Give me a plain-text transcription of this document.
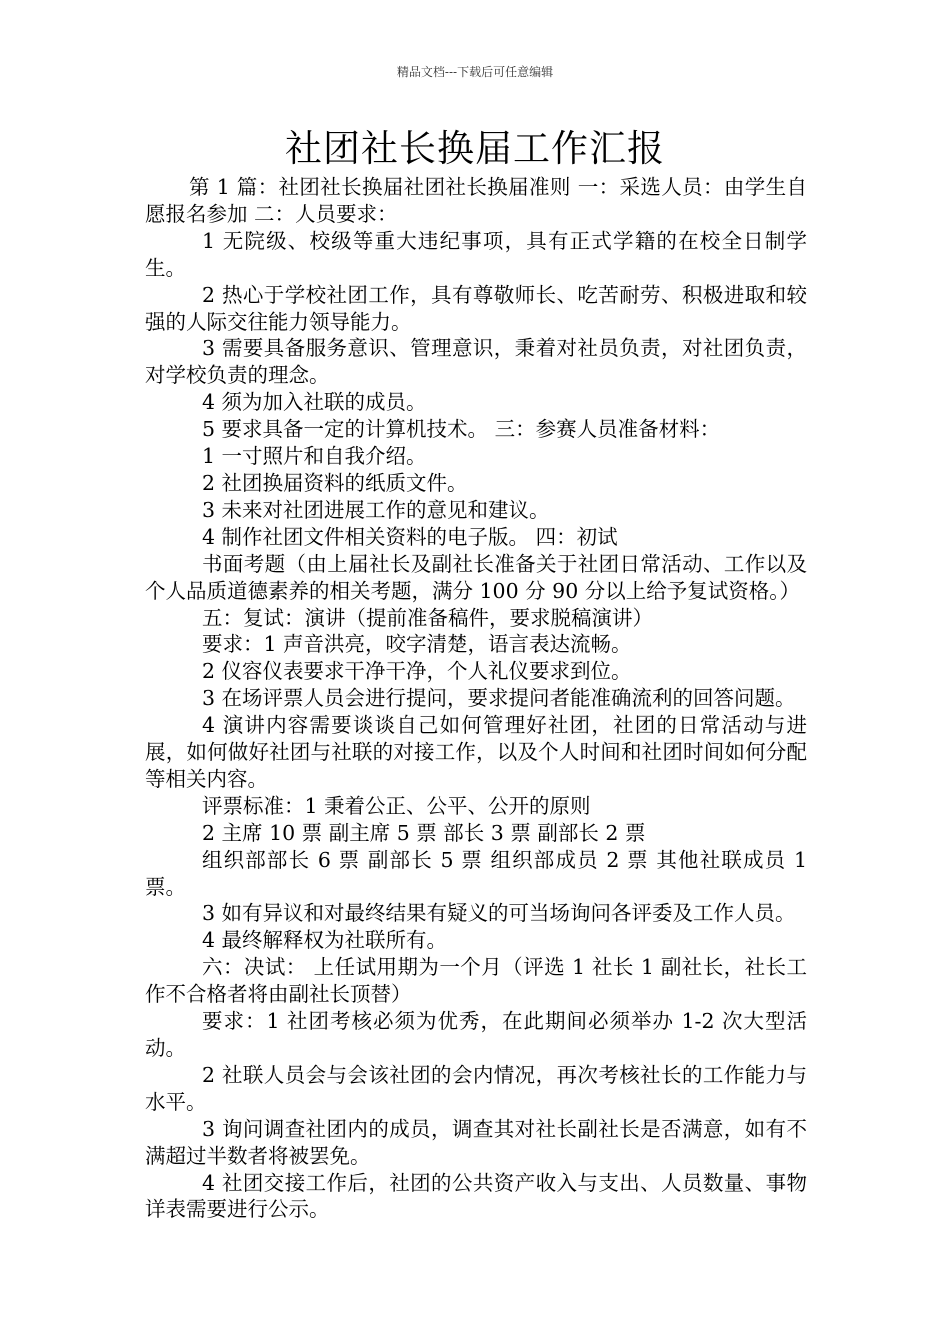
精品文档---下载后可任意编辑
社团社长换届工作汇报

第 1 篇：社团社长换届社团社长换届准则 一：采选人员：由学生自愿报名参加 二：人员要求：

1 无院级、校级等重大违纪事项，具有正式学籍的在校全日制学生。

2 热心于学校社团工作，具有尊敬师长、吃苦耐劳、积极进取和较强的人际交往能力领导能力。

3 需要具备服务意识、管理意识，秉着对社员负责，对社团负责，对学校负责的理念。

4 须为加入社联的成员。

5 要求具备一定的计算机技术。 三：参赛人员准备材料：

1 一寸照片和自我介绍。

2 社团换届资料的纸质文件。

3 未来对社团进展工作的意见和建议。

4 制作社团文件相关资料的电子版。 四：初试

书面考题（由上届社长及副社长准备关于社团日常活动、工作以及个人品质道德素养的相关考题，满分 100 分 90 分以上给予复试资格。）

五：复试：演讲（提前准备稿件，要求脱稿演讲）

要求：1 声音洪亮，咬字清楚，语言表达流畅。

2 仪容仪表要求干净干净，个人礼仪要求到位。

3 在场评票人员会进行提问，要求提问者能准确流利的回答问题。

4 演讲内容需要谈谈自己如何管理好社团，社团的日常活动与进展，如何做好社团与社联的对接工作，以及个人时间和社团时间如何分配等相关内容。

评票标准：1 秉着公正、公平、公开的原则

2 主席 10 票 副主席 5 票 部长 3 票 副部长 2 票

组织部部长 6 票 副部长 5 票 组织部成员 2 票 其他社联成员 1 票。

3 如有异议和对最终结果有疑义的可当场询问各评委及工作人员。

4 最终解释权为社联所有。

六：决试： 上任试用期为一个月（评选 1 社长 1 副社长，社长工作不合格者将由副社长顶替）

要求：1 社团考核必须为优秀，在此期间必须举办 1-2 次大型活动。

2 社联人员会与会该社团的会内情况，再次考核社长的工作能力与水平。

3 询问调查社团内的成员，调查其对社长副社长是否满意，如有不满超过半数者将被罢免。

4 社团交接工作后，社团的公共资产收入与支出、人员数量、事物详表需要进行公示。
